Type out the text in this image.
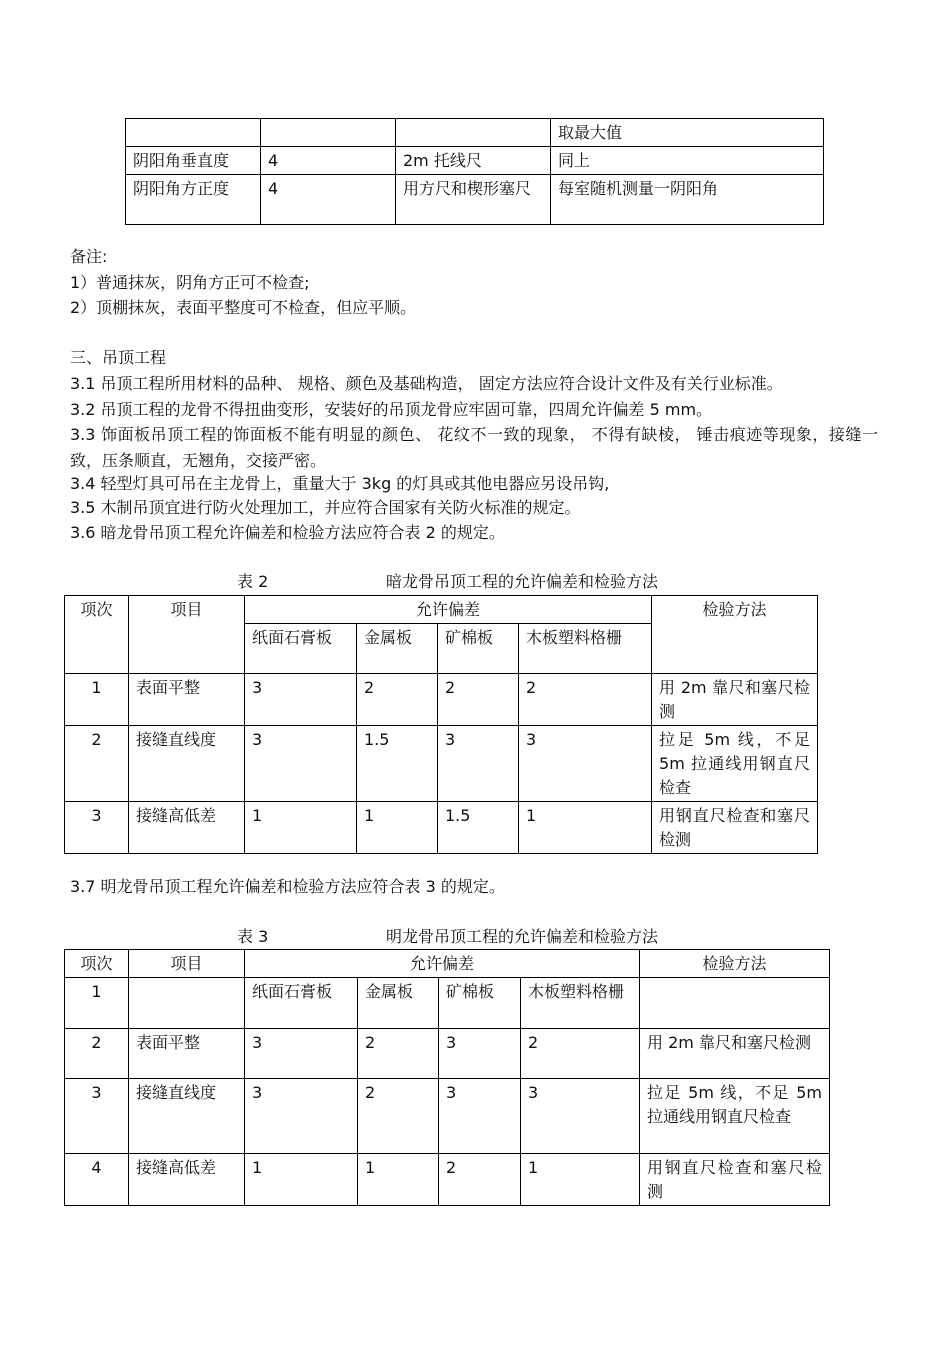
			取最大值
阴阳角垂直度	4	2m 托线尺	同上
阴阳角方正度	4	用方尺和楔形塞尺	每室随机测量一阴阳角
备注:
1）普通抹灰，阴角方正可不检查;
2）顶棚抹灰，表面平整度可不检查，但应平顺。
三、吊顶工程
3.1 吊顶工程所用材料的品种、 规格、颜色及基础构造， 固定方法应符合设计文件及有关行业标准。
3.2 吊顶工程的龙骨不得扭曲变形，安装好的吊顶龙骨应牢固可靠，四周允许偏差 5 mm。
3.3 饰面板吊顶工程的饰面板不能有明显的颜色、 花纹不一致的现象， 不得有缺棱， 锤击痕迹等现象，接缝一致，压条顺直，无翘角，交接严密。
3.4 轻型灯具可吊在主龙骨上，重量大于 3kg 的灯具或其他电器应另设吊钩,
3.5 木制吊顶宜进行防火处理加工，并应符合国家有关防火标准的规定。
3.6 暗龙骨吊顶工程允许偏差和检验方法应符合表 2 的规定。
表 2	暗龙骨吊顶工程的允许偏差和检验方法
项次	项目	允许偏差				检验方法
		纸面石膏板	金属板	矿棉板	木板塑料格栅	
1	表面平整	3	2	2	2	用 2m 靠尺和塞尺检测
2	接缝直线度	3	1.5	3	3	拉足 5m 线，不足 5m 拉通线用钢直尺检查
3	接缝高低差	1	1	1.5	1	用钢直尺检查和塞尺检测
3.7 明龙骨吊顶工程允许偏差和检验方法应符合表 3 的规定。
表 3	明龙骨吊顶工程的允许偏差和检验方法
项次	项目	允许偏差				检验方法
1		纸面石膏板	金属板	矿棉板	木板塑料格栅	
2	表面平整	3	2	3	2	用 2m 靠尺和塞尺检测
3	接缝直线度	3	2	3	3	拉足 5m 线，不足 5m 拉通线用钢直尺检查
4	接缝高低差	1	1	2	1	用钢直尺检查和塞尺检测
